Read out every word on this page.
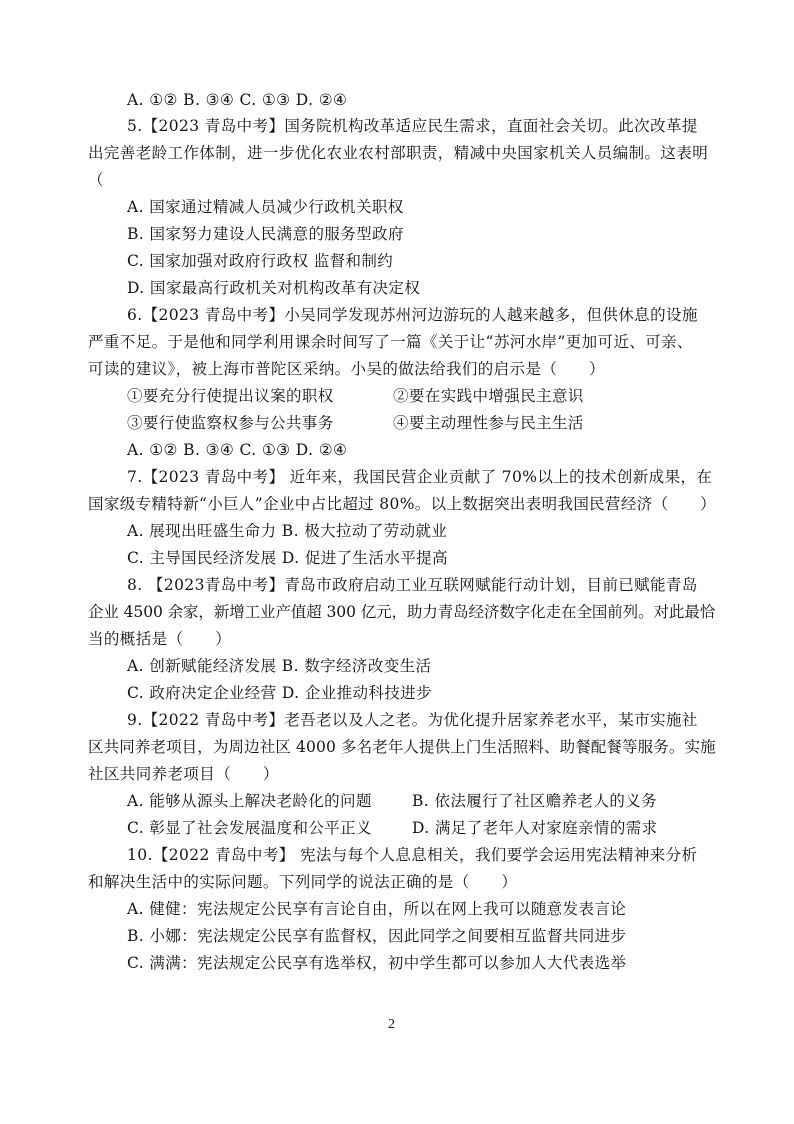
A. ①② B. ③④ C. ①③ D. ②④
5.【2023 青岛中考】国务院机构改革适应民生需求，直面社会关切。此次改革提
出完善老龄工作体制，进一步优化农业农村部职责，精减中央国家机关人员编制。这表明
（
A. 国家通过精减人员减少行政机关职权
B. 国家努力建设人民满意的服务型政府
C. 国家加强对政府行政权 监督和制约
D. 国家最高行政机关对机构改革有决定权
6.【2023 青岛中考】小吴同学发现苏州河边游玩的人越来越多，但供休息的设施
严重不足。于是他和同学利用课余时间写了一篇《关于让“苏河水岸”更加可近、可亲、
可读的建议》，被上海市普陀区采纳。小吴的做法给我们的启示是（　　）
①要充分行使提出议案的职权	②要在实践中增强民主意识
③要行使监察权参与公共事务	④要主动理性参与民主生活
A. ①② B. ③④ C. ①③ D. ②④
7.【2023 青岛中考】 近年来，我国民营企业贡献了 70%以上的技术创新成果，在
国家级专精特新“小巨人”企业中占比超过 80%。以上数据突出表明我国民营经济（　　）
A. 展现出旺盛生命力 B. 极大拉动了劳动就业
C. 主导国民经济发展 D. 促进了生活水平提高
8. 【2023青岛中考】青岛市政府启动工业互联网赋能行动计划，目前已赋能青岛
企业 4500 余家，新增工业产值超 300 亿元，助力青岛经济数字化走在全国前列。对此最恰
当的概括是（　　）
A. 创新赋能经济发展 B. 数字经济改变生活
C. 政府决定企业经营 D. 企业推动科技进步
9.【2022 青岛中考】老吾老以及人之老。为优化提升居家养老水平，某市实施社
区共同养老项目，为周边社区 4000 多名老年人提供上门生活照料、助餐配餐等服务。实施
社区共同养老项目（　　）
A. 能够从源头上解决老龄化的问题	B. 依法履行了社区赡养老人的义务
C. 彰显了社会发展温度和公平正义	D. 满足了老年人对家庭亲情的需求
10.【2022 青岛中考】 宪法与每个人息息相关，我们要学会运用宪法精神来分析
和解决生活中的实际问题。下列同学的说法正确的是（　　）
A. 健健：宪法规定公民享有言论自由，所以在网上我可以随意发表言论
B. 小娜：宪法规定公民享有监督权，因此同学之间要相互监督共同进步
C. 满满：宪法规定公民享有选举权，初中学生都可以参加人大代表选举
2
